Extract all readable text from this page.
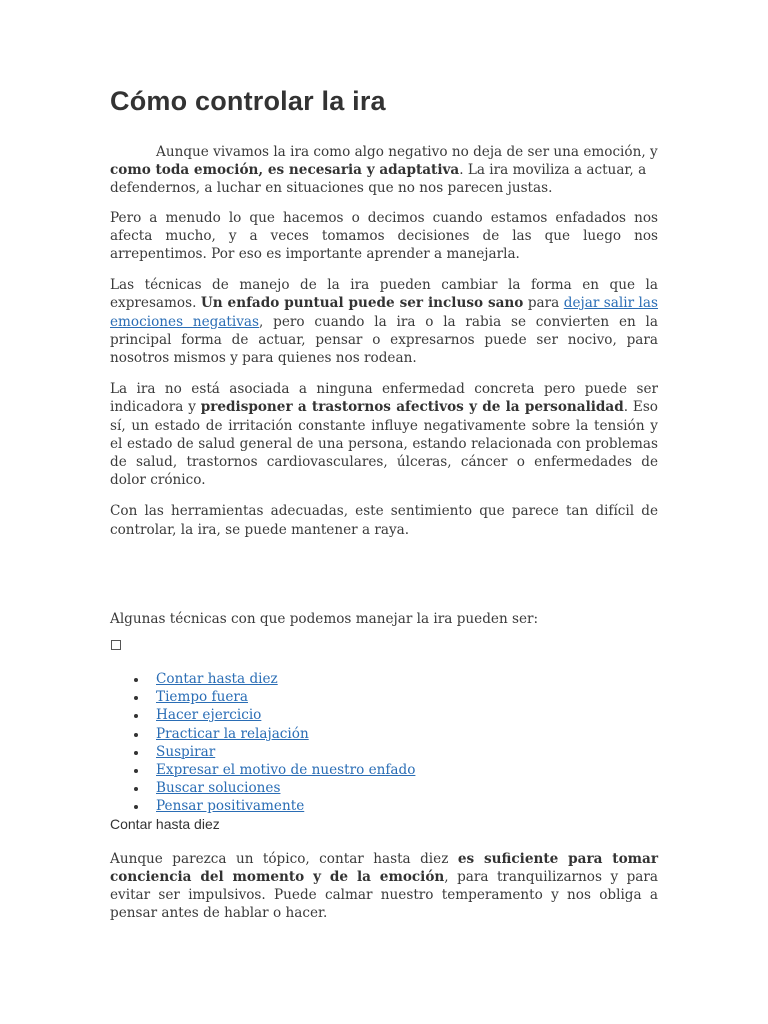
Cómo controlar la ira

Aunque vivamos la ira como algo negativo no deja de ser una emoción, y como toda emoción, es necesaria y adaptativa. La ira moviliza a actuar, a defendernos, a luchar en situaciones que no nos parecen justas.

Pero a menudo lo que hacemos o decimos cuando estamos enfadados nos afecta mucho, y a veces tomamos decisiones de las que luego nos arrepentimos. Por eso es importante aprender a manejarla.

Las técnicas de manejo de la ira pueden cambiar la forma en que la expresamos. Un enfado puntual puede ser incluso sano para dejar salir las emociones negativas, pero cuando la ira o la rabia se convierten en la principal forma de actuar, pensar o expresarnos puede ser nocivo, para nosotros mismos y para quienes nos rodean.

La ira no está asociada a ninguna enfermedad concreta pero puede ser indicadora y predisponer a trastornos afectivos y de la personalidad. Eso sí, un estado de irritación constante influye negativamente sobre la tensión y el estado de salud general de una persona, estando relacionada con problemas de salud, trastornos cardiovasculares, úlceras, cáncer o enfermedades de dolor crónico.

Con las herramientas adecuadas, este sentimiento que parece tan difícil de controlar, la ira, se puede mantener a raya.

Algunas técnicas con que podemos manejar la ira pueden ser:

Contar hasta diez
Tiempo fuera
Hacer ejercicio
Practicar la relajación
Suspirar
Expresar el motivo de nuestro enfado
Buscar soluciones
Pensar positivamente
Contar hasta diez

Aunque parezca un tópico, contar hasta diez es suficiente para tomar conciencia del momento y de la emoción, para tranquilizarnos y para evitar ser impulsivos. Puede calmar nuestro temperamento y nos obliga a pensar antes de hablar o hacer.
